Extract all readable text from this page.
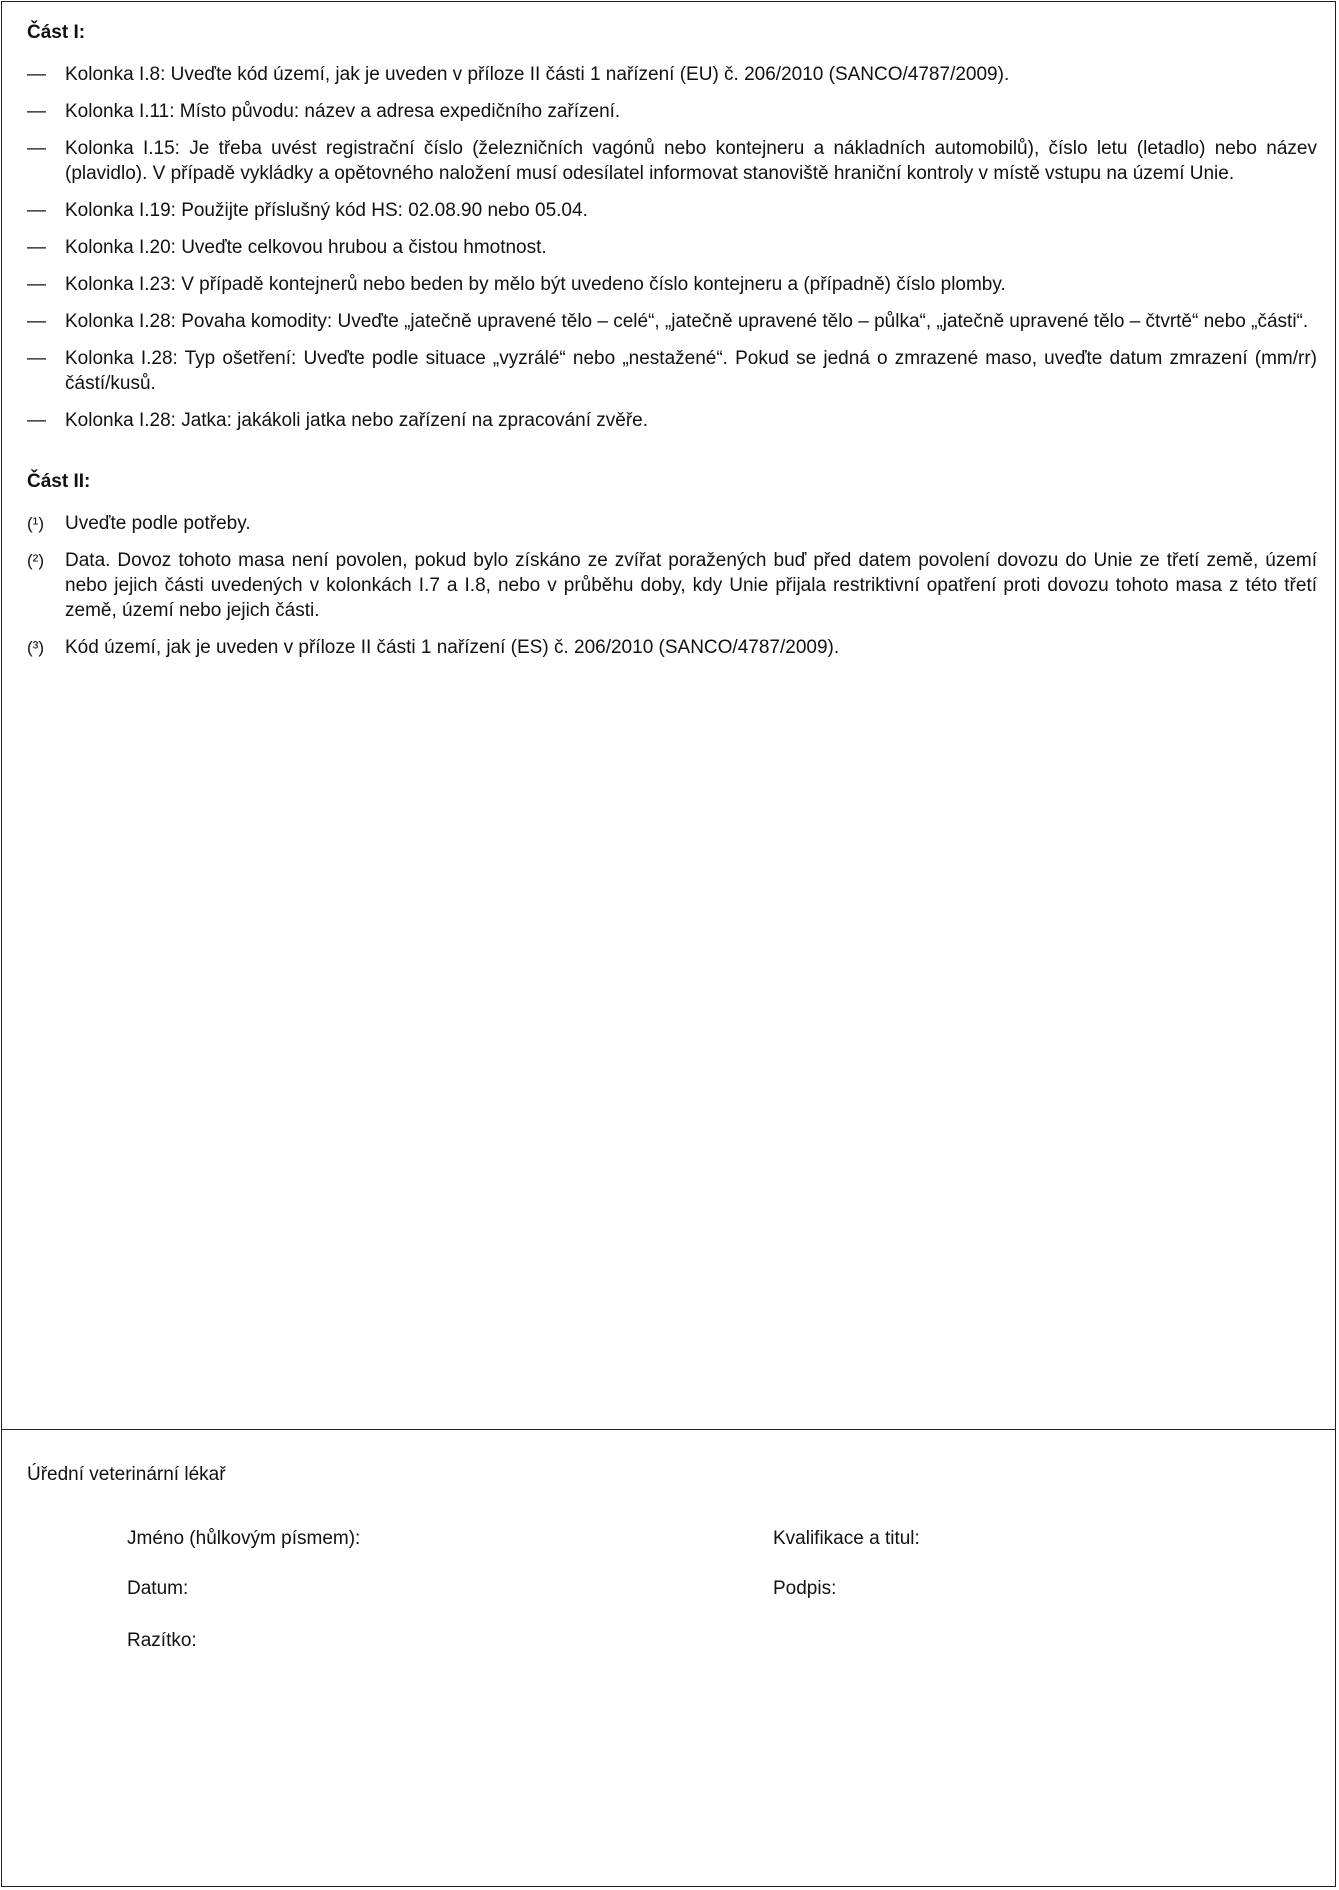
Část I:
—	Kolonka I.8: Uveďte kód území, jak je uveden v příloze II části 1 nařízení (EU) č. 206/2010 (SANCO/4787/2009).
—	Kolonka I.11: Místo původu: název a adresa expedičního zařízení.
—	Kolonka I.15: Je třeba uvést registrační číslo (železničních vagónů nebo kontejneru a nákladních automobilů), číslo letu (letadlo) nebo název (plavidlo). V případě vykládky a opětovného naložení musí odesílatel informovat stanoviště hraniční kontroly v místě vstupu na území Unie.
—	Kolonka I.19: Použijte příslušný kód HS: 02.08.90 nebo 05.04.
—	Kolonka I.20: Uveďte celkovou hrubou a čistou hmotnost.
—	Kolonka I.23: V případě kontejnerů nebo beden by mělo být uvedeno číslo kontejneru a (případně) číslo plomby.
—	Kolonka I.28: Povaha komodity: Uveďte „jatečně upravené tělo – celé“, „jatečně upravené tělo – půlka“, „jatečně upravené tělo – čtvrtě“ nebo „části“.
—	Kolonka I.28: Typ ošetření: Uveďte podle situace „vyzrálé“ nebo „nestažené“. Pokud se jedná o zmrazené maso, uveďte datum zmrazení (mm/rr) částí/kusů.
—	Kolonka I.28: Jatka: jakákoli jatka nebo zařízení na zpracování zvěře.
Část II:
(¹)	Uveďte podle potřeby.
(²)	Data. Dovoz tohoto masa není povolen, pokud bylo získáno ze zvířat poražených buď před datem povolení dovozu do Unie ze třetí země, území nebo jejich části uvedených v kolonkách I.7 a I.8, nebo v průběhu doby, kdy Unie přijala restriktivní opatření proti dovozu tohoto masa z této třetí země, území nebo jejich části.
(³)	Kód území, jak je uveden v příloze II části 1 nařízení (ES) č. 206/2010 (SANCO/4787/2009).
Úřední veterinární lékař
Jméno (hůlkovým písmem):	Kvalifikace a titul:
Datum:	Podpis:
Razítko:
